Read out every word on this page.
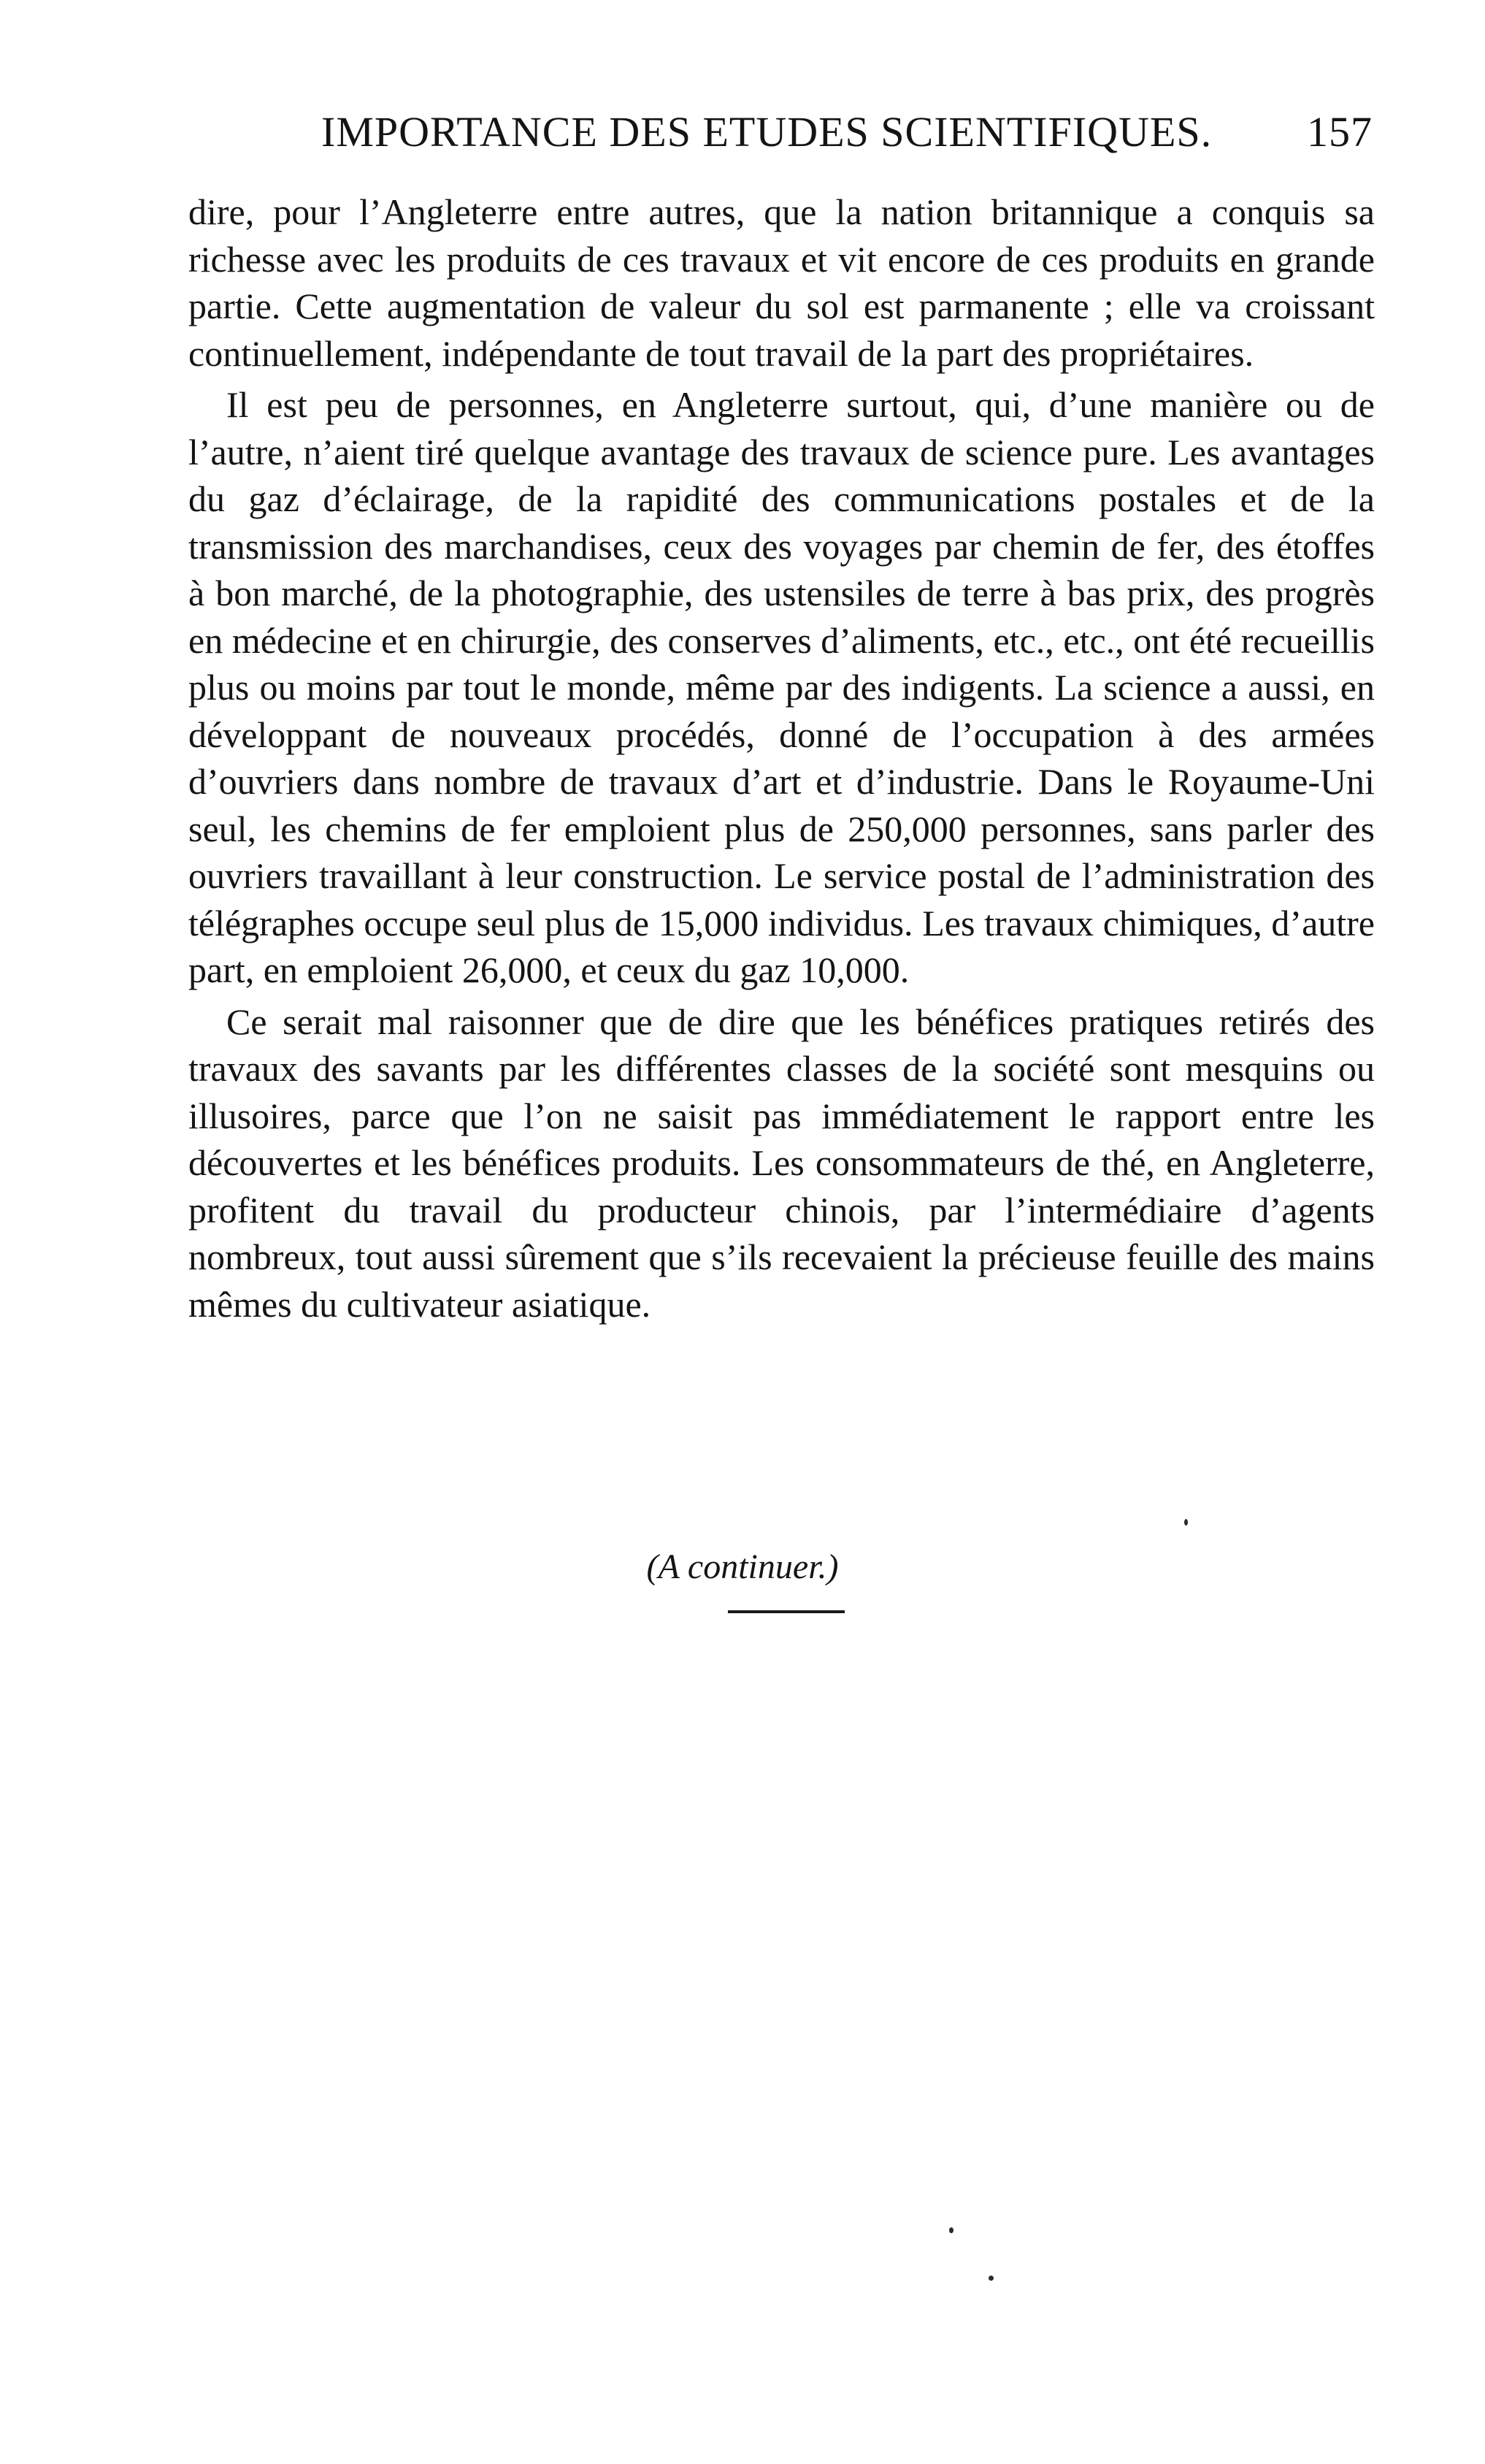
IMPORTANCE DES ETUDES SCIENTIFIQUES. 157

dire, pour l’Angleterre entre autres, que la nation britannique a conquis sa richesse avec les produits de ces travaux et vit encore de ces produits en grande partie. Cette augmentation de valeur du sol est parmanente ; elle va croissant continuellement, indépendante de tout travail de la part des propriétaires.

Il est peu de personnes, en Angleterre surtout, qui, d’une manière ou de l’autre, n’aient tiré quelque avantage des travaux de science pure. Les avantages du gaz d’éclairage, de la rapidité des communications postales et de la transmission des marchandises, ceux des voyages par chemin de fer, des étoffes à bon marché, de la photographie, des ustensiles de terre à bas prix, des progrès en médecine et en chirurgie, des conserves d’aliments, etc., etc., ont été recueillis plus ou moins par tout le monde, même par des indigents. La science a aussi, en développant de nouveaux procédés, donné de l’occupation à des armées d’ouvriers dans nombre de travaux d’art et d’industrie. Dans le Royaume-Uni seul, les chemins de fer emploient plus de 250,000 personnes, sans parler des ouvriers travaillant à leur construction. Le service postal de l’administration des télégraphes occupe seul plus de 15,000 individus. Les travaux chimiques, d’autre part, en emploient 26,000, et ceux du gaz 10,000.

Ce serait mal raisonner que de dire que les bénéfices pratiques retirés des travaux des savants par les différentes classes de la société sont mesquins ou illusoires, parce que l’on ne saisit pas immédiatement le rapport entre les découvertes et les bénéfices produits. Les consommateurs de thé, en Angleterre, profitent du travail du producteur chinois, par l’intermédiaire d’agents nombreux, tout aussi sûrement que s’ils recevaient la précieuse feuille des mains mêmes du cultivateur asiatique.

(A continuer.)
